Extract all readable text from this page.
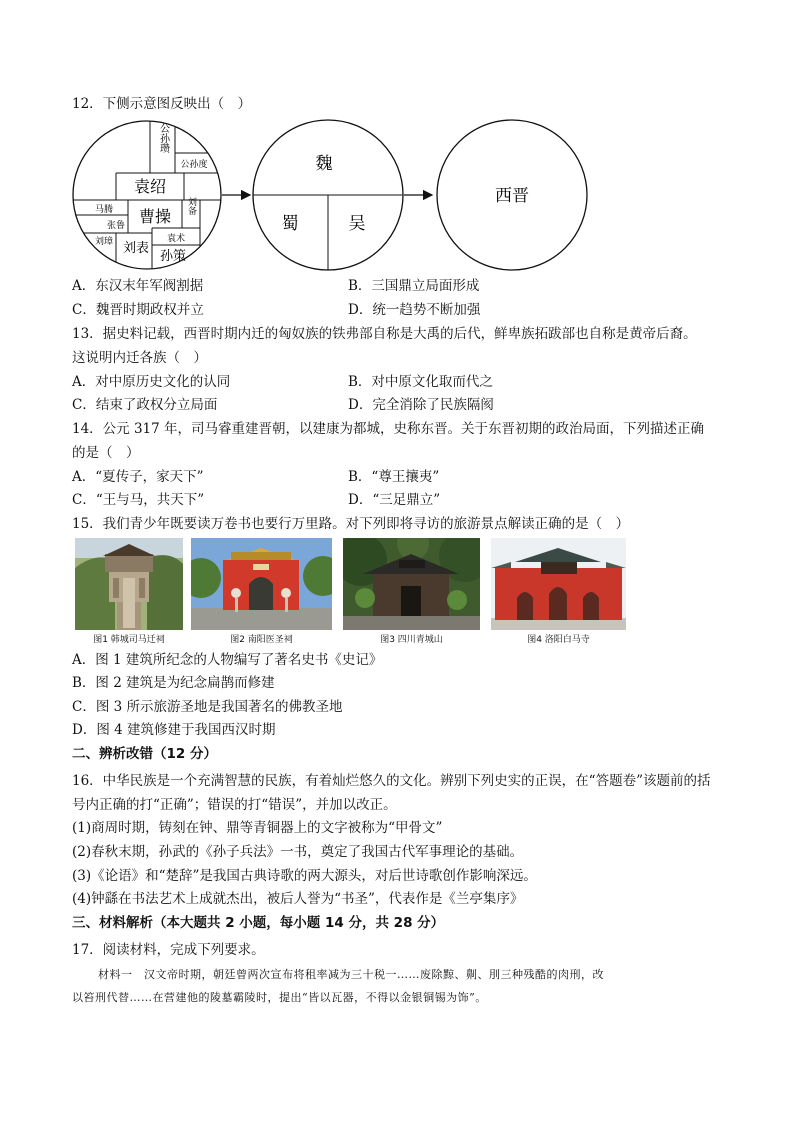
12．下侧示意图反映出（　）
公孙瓒
公孙度
袁绍
马腾
张鲁 曹操
刘备
刘璋 刘表
袁术
孙策
魏
蜀	吴
西晋
A．东汉末年军阀割据	B．三国鼎立局面形成
C．魏晋时期政权并立	D．统一趋势不断加强
13．据史料记载，西晋时期内迁的匈奴族的铁弗部自称是大禹的后代，鲜卑族拓跋部也自称是黄帝后裔。
这说明内迁各族（　）
A．对中原历史文化的认同	B．对中原文化取而代之
C．结束了政权分立局面	D．完全消除了民族隔阂
14．公元 317 年，司马睿重建晋朝，以建康为都城，史称东晋。关于东晋初期的政治局面，下列描述正确
的是（　）
A．“夏传子，家天下”	B．“尊王攘夷”
C．“王与马，共天下”	D．“三足鼎立”
15．我们青少年既要读万卷书也要行万里路。对下列即将寻访的旅游景点解读正确的是（　）
图1 韩城司马迁祠	图2 南阳医圣祠	图3 四川青城山	图4 洛阳白马寺
A．图 1 建筑所纪念的人物编写了著名史书《史记》
B．图 2 建筑是为纪念扁鹊而修建
C．图 3 所示旅游圣地是我国著名的佛教圣地
D．图 4 建筑修建于我国西汉时期
二、辨析改错（12 分）
16．中华民族是一个充满智慧的民族，有着灿烂悠久的文化。辨别下列史实的正误，在“答题卷”该题前的括
号内正确的打“正确”；错误的打“错误”，并加以改正。
(1)商周时期，铸刻在钟、鼎等青铜器上的文字被称为“甲骨文”
(2)春秋末期，孙武的《孙子兵法》一书，奠定了我国古代军事理论的基础。
(3)《论语》和“楚辞”是我国古典诗歌的两大源头，对后世诗歌创作影响深远。
(4)钟繇在书法艺术上成就杰出，被后人誉为“书圣”，代表作是《兰亭集序》
三、材料解析（本大题共 2 小题，每小题 14 分，共 28 分）
17．阅读材料，完成下列要求。
材料一　汉文帝时期，朝廷曾两次宣布将租率减为三十税一……废除黥、劓、刖三种残酷的肉刑，改
以笞刑代替……在营建他的陵墓霸陵时，提出“皆以瓦器，不得以金银铜锡为饰”。
